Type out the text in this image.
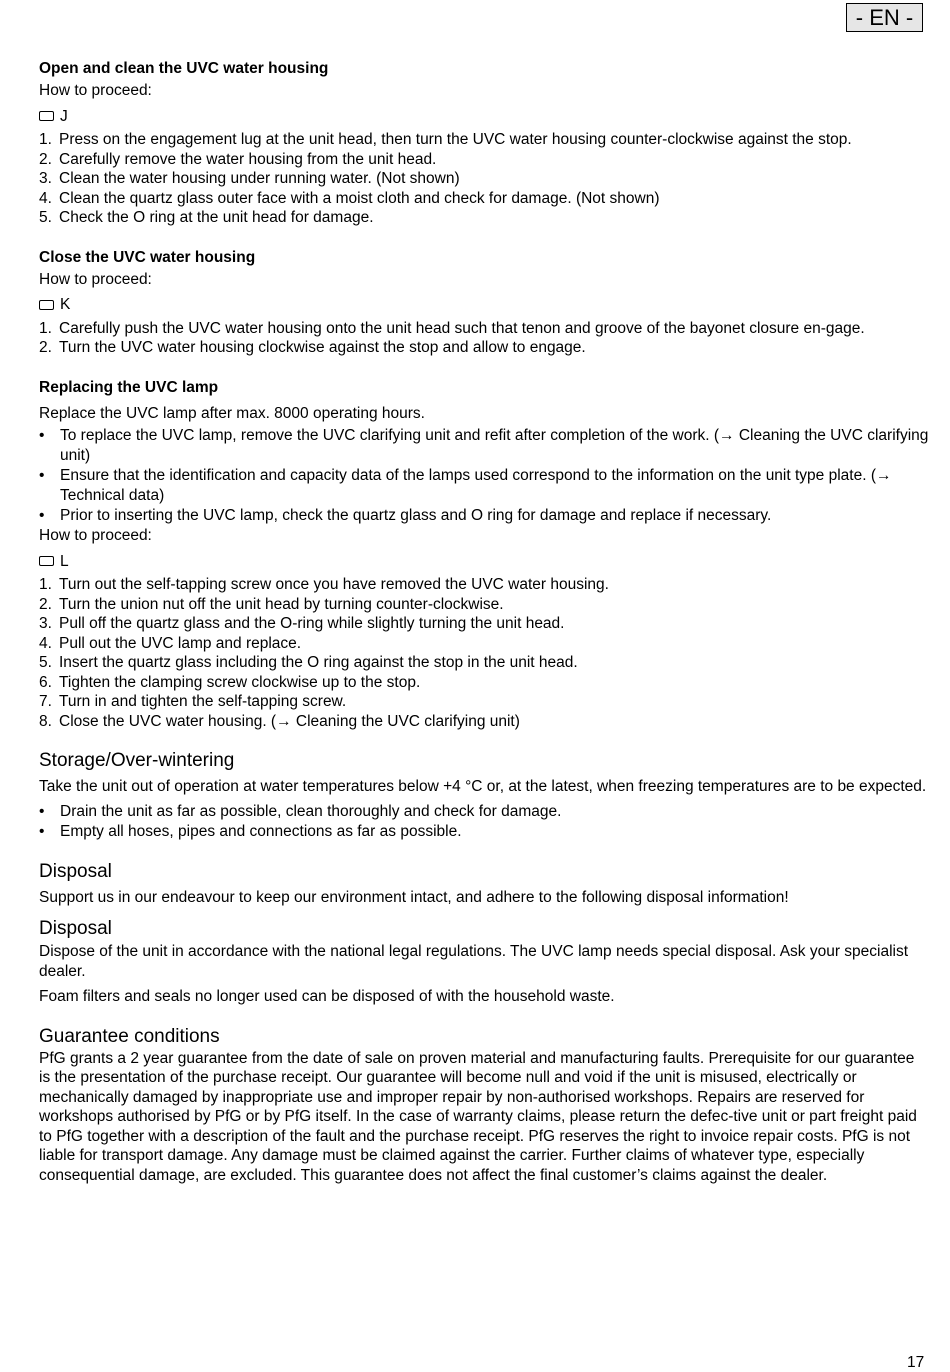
- EN -

Open and clean the UVC water housing

How to proceed:

J
1. Press on the engagement lug at the unit head, then turn the UVC water housing counter-clockwise against the stop.
2. Carefully remove the water housing from the unit head.
3. Clean the water housing under running water. (Not shown)
4. Clean the quartz glass outer face with a moist cloth and check for damage. (Not shown)
5. Check the O ring at the unit head for damage.

Close the UVC water housing

How to proceed:

K
1. Carefully push the UVC water housing onto the unit head such that tenon and groove of the bayonet closure en-gage.
2. Turn the UVC water housing clockwise against the stop and allow to engage.

Replacing the UVC lamp

Replace the UVC lamp after max. 8000 operating hours.

•	To replace the UVC lamp, remove the UVC clarifying unit and refit after completion of the work. (→ Cleaning the UVC clarifying unit)
•	Ensure that the identification and capacity data of the lamps used correspond to the information on the unit type plate. (→ Technical data)
•	Prior to inserting the UVC lamp, check the quartz glass and O ring for damage and replace if necessary.

How to proceed:

L
1. Turn out the self-tapping screw once you have removed the UVC water housing.
2. Turn the union nut off the unit head by turning counter-clockwise.
3. Pull off the quartz glass and the O-ring while slightly turning the unit head.
4. Pull out the UVC lamp and replace.
5. Insert the quartz glass including the O ring against the stop in the unit head.
6. Tighten the clamping screw clockwise up to the stop.
7. Turn in and tighten the self-tapping screw.
8. Close the UVC water housing. (→ Cleaning the UVC clarifying unit)

Storage/Over-wintering

Take the unit out of operation at water temperatures below +4 °C or, at the latest, when freezing temperatures are to be expected.

•	Drain the unit as far as possible, clean thoroughly and check for damage.
•	Empty all hoses, pipes and connections as far as possible.

Disposal

Support us in our endeavour to keep our environment intact, and adhere to the following disposal information!

Disposal

Dispose of the unit in accordance with the national legal regulations. The UVC lamp needs special disposal. Ask your specialist dealer.

Foam filters and seals no longer used can be disposed of with the household waste.

Guarantee conditions

PfG grants a 2 year guarantee from the date of sale on proven material and manufacturing faults. Prerequisite for our guarantee is the presentation of the purchase receipt. Our guarantee will become null and void if the unit is misused, electrically or mechanically damaged by inappropriate use and improper repair by non-authorised workshops. Repairs are reserved for workshops authorised by PfG or by PfG itself. In the case of warranty claims, please return the defec-tive unit or part freight paid to PfG together with a description of the fault and the purchase receipt. PfG reserves the right to invoice repair costs. PfG is not liable for transport damage. Any damage must be claimed against the carrier. Further claims of whatever type, especially consequential damage, are excluded. This guarantee does not affect the final customer’s claims against the dealer.

17
